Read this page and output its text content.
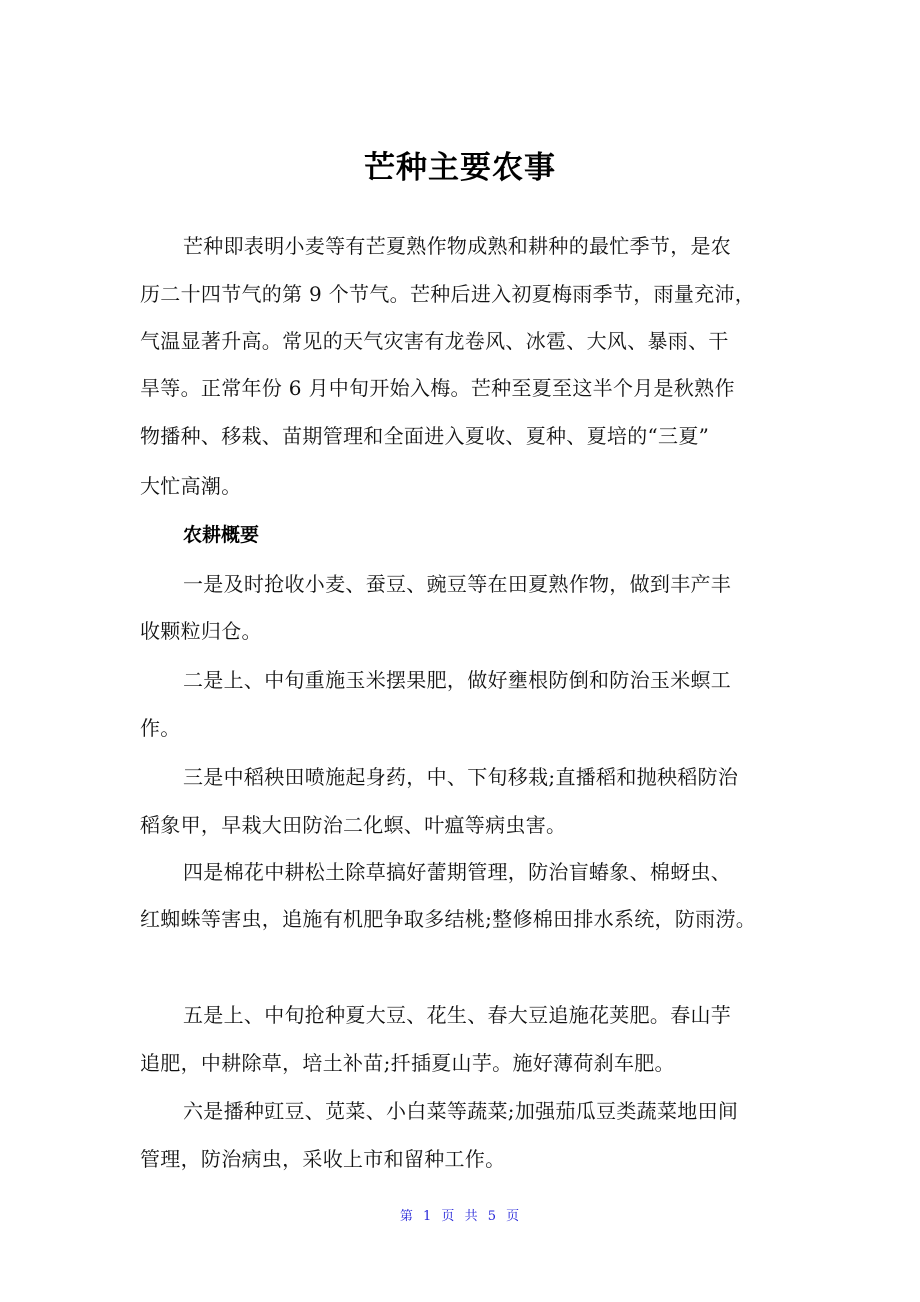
芒种主要农事
芒种即表明小麦等有芒夏熟作物成熟和耕种的最忙季节，是农
历二十四节气的第 9 个节气。芒种后进入初夏梅雨季节，雨量充沛，
气温显著升高。常见的天气灾害有龙卷风、冰雹、大风、暴雨、干
旱等。正常年份 6 月中旬开始入梅。芒种至夏至这半个月是秋熟作
物播种、移栽、苗期管理和全面进入夏收、夏种、夏培的“三夏”
大忙高潮。
农耕概要
一是及时抢收小麦、蚕豆、豌豆等在田夏熟作物，做到丰产丰
收颗粒归仓。
二是上、中旬重施玉米摆果肥，做好壅根防倒和防治玉米螟工
作。
三是中稻秧田喷施起身药，中、下旬移栽;直播稻和抛秧稻防治
稻象甲，早栽大田防治二化螟、叶瘟等病虫害。
四是棉花中耕松土除草搞好蕾期管理，防治盲蝽象、棉蚜虫、
红蜘蛛等害虫，追施有机肥争取多结桃;整修棉田排水系统，防雨涝。
五是上、中旬抢种夏大豆、花生、春大豆追施花荚肥。春山芋
追肥，中耕除草，培土补苗;扦插夏山芋。施好薄荷刹车肥。
六是播种豇豆、苋菜、小白菜等蔬菜;加强茄瓜豆类蔬菜地田间
管理，防治病虫，采收上市和留种工作。
第 1 页 共 5 页
